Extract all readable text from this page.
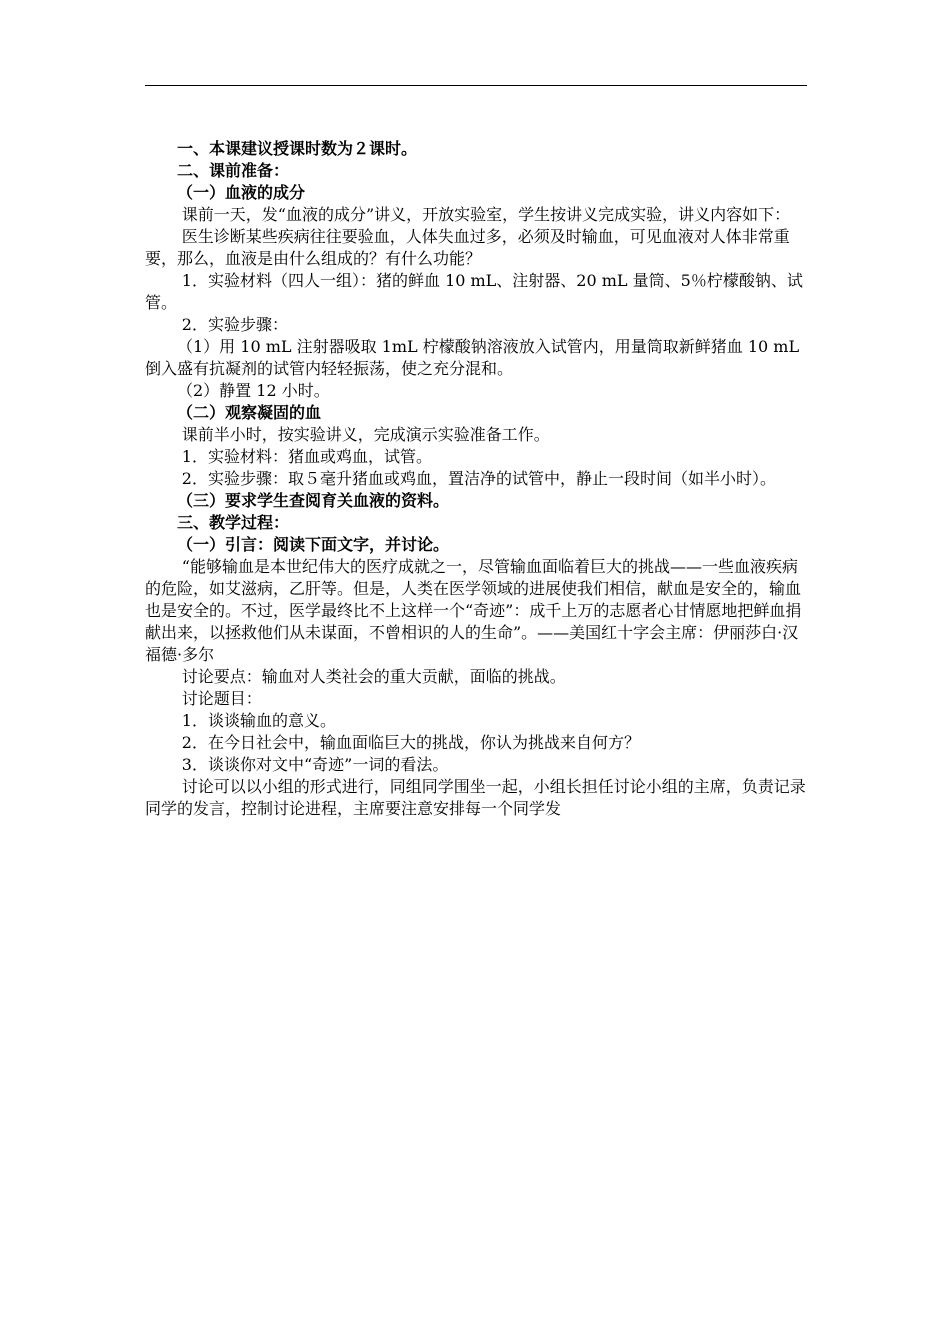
一、本课建议授课时数为２课时。

二、课前准备：

（一）血液的成分

课前一天，发“血液的成分”讲义，开放实验室，学生按讲义完成实验，讲义内容如下：

医生诊断某些疾病往往要验血，人体失血过多，必须及时输血，可见血液对人体非常重要，那么，血液是由什么组成的？有什么功能？

1．实验材料（四人一组）：猪的鲜血 10 mL、注射器、20 mL 量筒、5％柠檬酸钠、试管。

2．实验步骤：

（1）用 10 mL 注射器吸取 1mL 柠檬酸钠溶液放入试管内，用量筒取新鲜猪血 10 mL 倒入盛有抗凝剂的试管内轻轻振荡，使之充分混和。

（2）静置 12 小时。

（二）观察凝固的血

课前半小时，按实验讲义，完成演示实验准备工作。

1．实验材料：猪血或鸡血，试管。

2．实验步骤：取５毫升猪血或鸡血，置洁净的试管中，静止一段时间（如半小时）。

（三）要求学生查阅育关血液的资料。

三、教学过程：

（一）引言：阅读下面文字，并讨论。

“能够输血是本世纪伟大的医疗成就之一，尽管输血面临着巨大的挑战——一些血液疾病的危险，如艾滋病，乙肝等。但是，人类在医学领域的进展使我们相信，献血是安全的，输血也是安全的。不过，医学最终比不上这样一个“奇迹”：成千上万的志愿者心甘情愿地把鲜血捐献出来，以拯救他们从未谋面，不曾相识的人的生命”。——美国红十字会主席：伊丽莎白·汉福德·多尔

讨论要点：输血对人类社会的重大贡献，面临的挑战。

讨论题目：

1．谈谈输血的意义。

2．在今日社会中，输血面临巨大的挑战，你认为挑战来自何方？

3．谈谈你对文中“奇迹”一词的看法。

讨论可以以小组的形式进行，同组同学围坐一起，小组长担任讨论小组的主席，负责记录同学的发言，控制讨论进程，主席要注意安排每一个同学发
